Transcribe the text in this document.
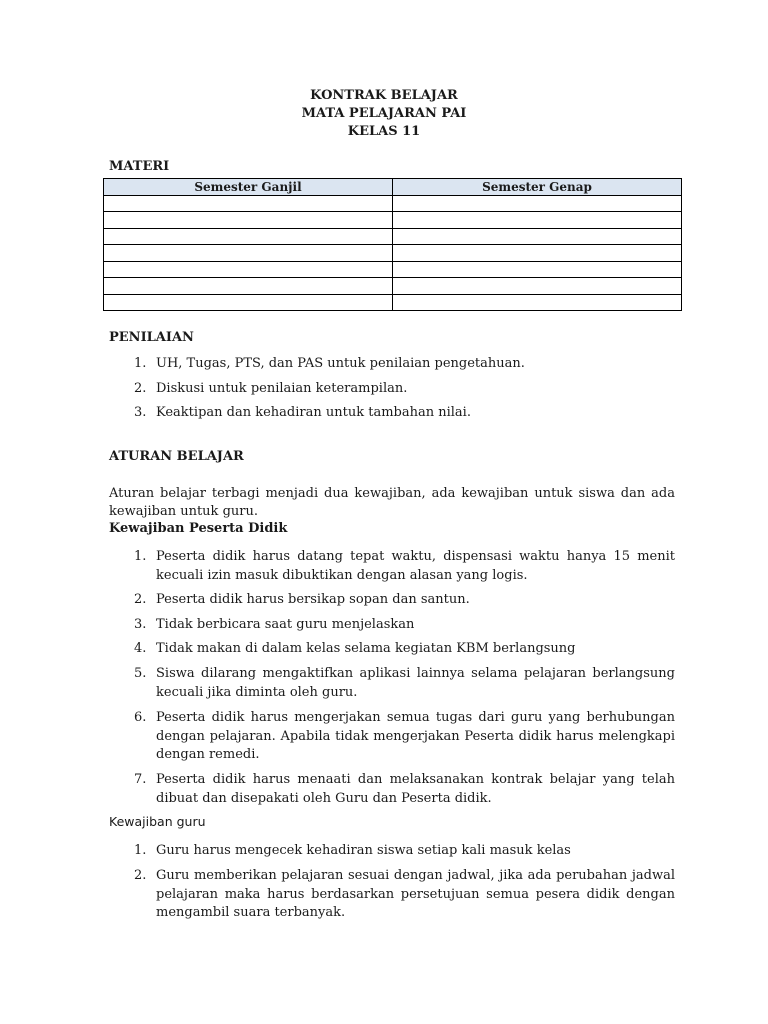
KONTRAK BELAJAR
MATA PELAJARAN PAI
KELAS 11
MATERI
Semester Ganjil	Semester Genap

PENILAIAN
1. UH, Tugas, PTS, dan PAS untuk penilaian pengetahuan.
2. Diskusi untuk penilaian keterampilan.
3. Keaktipan dan kehadiran untuk tambahan nilai.
ATURAN BELAJAR
Aturan belajar terbagi menjadi dua kewajiban, ada kewajiban untuk siswa dan ada kewajiban untuk guru.
Kewajiban Peserta Didik
1. Peserta didik harus datang tepat waktu, dispensasi waktu hanya 15 menit kecuali izin masuk dibuktikan dengan alasan yang logis.
2. Peserta didik harus bersikap sopan dan santun.
3. Tidak berbicara saat guru menjelaskan
4. Tidak makan di dalam kelas selama kegiatan KBM berlangsung
5. Siswa dilarang mengaktifkan aplikasi lainnya selama pelajaran berlangsung kecuali jika diminta oleh guru.
6. Peserta didik harus mengerjakan semua tugas dari guru yang berhubungan dengan pelajaran. Apabila tidak mengerjakan Peserta didik harus melengkapi dengan remedi.
7. Peserta didik harus menaati dan melaksanakan kontrak belajar yang telah dibuat dan disepakati oleh Guru dan Peserta didik.
Kewajiban guru
1. Guru harus mengecek kehadiran siswa setiap kali masuk kelas
2. Guru memberikan pelajaran sesuai dengan jadwal, jika ada perubahan jadwal pelajaran maka harus berdasarkan persetujuan semua pesera didik dengan mengambil suara terbanyak.
